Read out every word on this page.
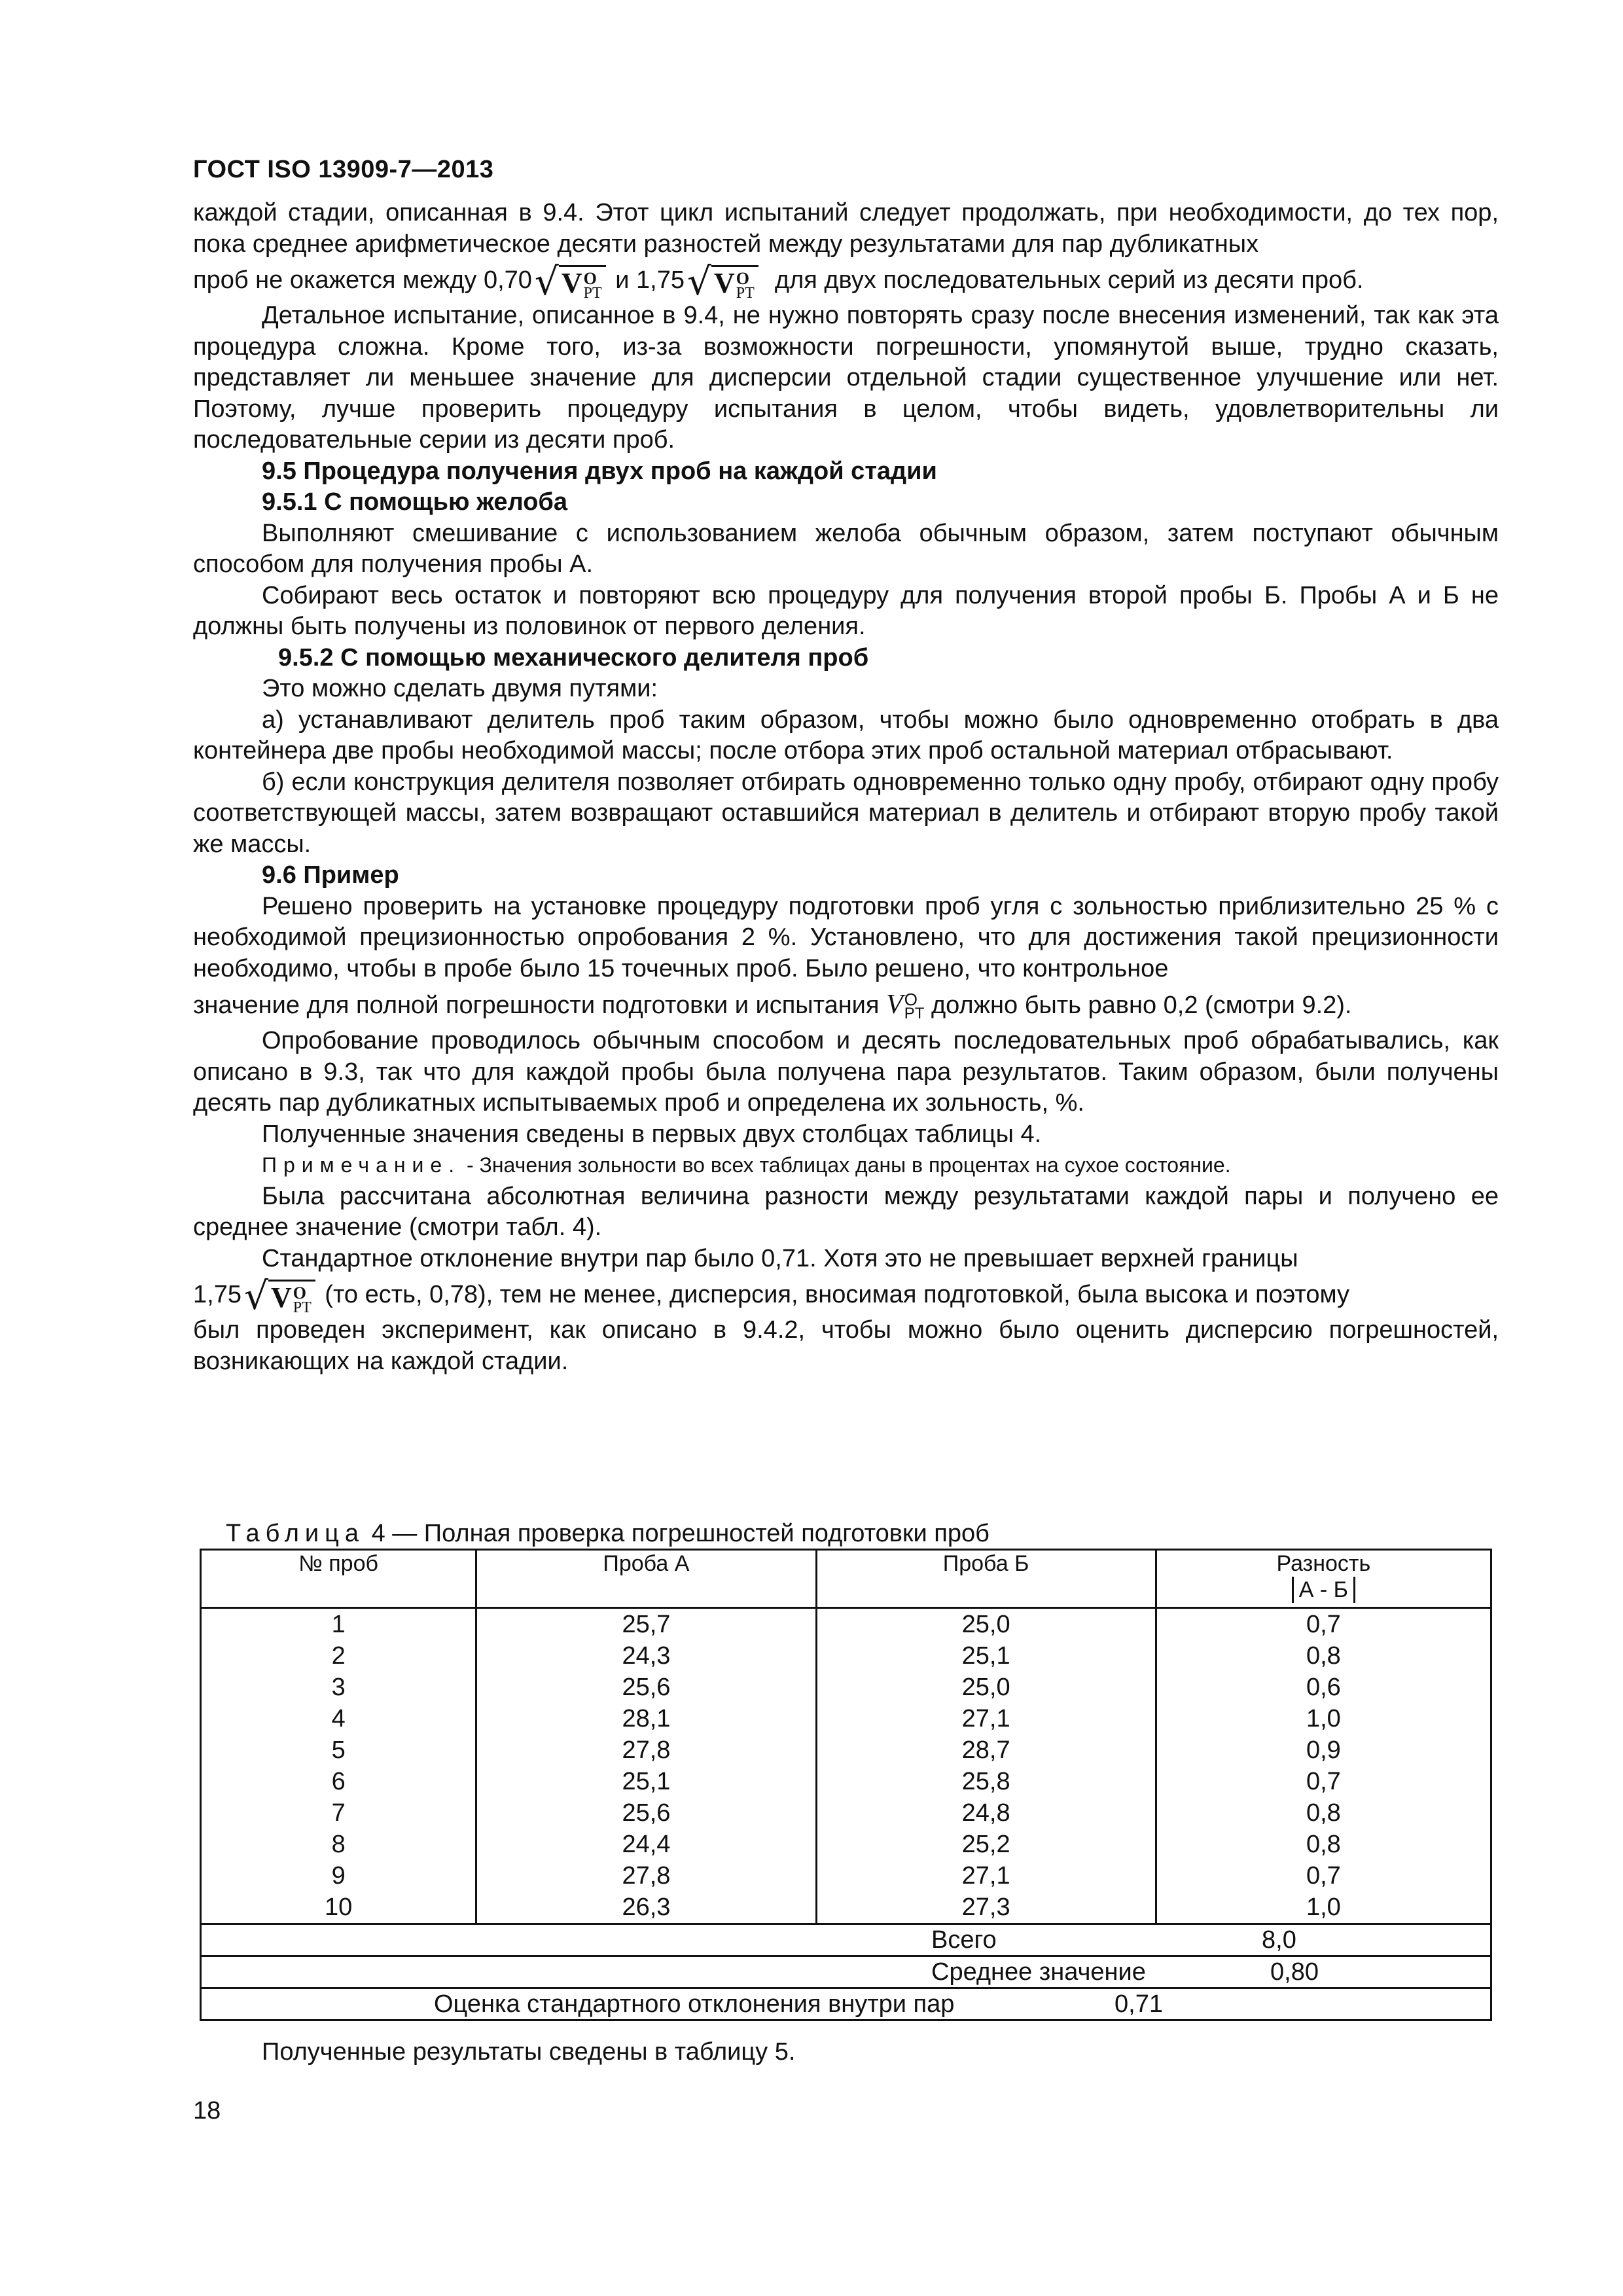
ГОСТ ISO 13909-7—2013

каждой стадии, описанная в 9.4. Этот цикл испытаний следует продолжать, при необходимости, до тех пор, пока среднее арифметическое десяти разностей между результатами для пар дубликатных

проб не окажется между 0,70 √ V O
PT и 1,75 √ V O
PT для двух последовательных серий из десяти проб.

Детальное испытание, описанное в 9.4, не нужно повторять сразу после внесения изменений, так как эта процедура сложна. Кроме того, из-за возможности погрешности, упомянутой выше, трудно сказать, представляет ли меньшее значение для дисперсии отдельной стадии существенное улучшение или нет. Поэтому, лучше проверить процедуру испытания в целом, чтобы видеть, удовлетворительны ли последовательные серии из десяти проб.

9.5 Процедура получения двух проб на каждой стадии

9.5.1 С помощью желоба

Выполняют смешивание с использованием желоба обычным образом, затем поступают обычным способом для получения пробы А.

Собирают весь остаток и повторяют всю процедуру для получения второй пробы Б. Пробы А и Б не должны быть получены из половинок от первого деления.

9.5.2 С помощью механического делителя проб

Это можно сделать двумя путями:

а) устанавливают делитель проб таким образом, чтобы можно было одновременно отобрать в два контейнера две пробы необходимой массы; после отбора этих проб остальной материал отбрасывают.

б) если конструкция делителя позволяет отбирать одновременно только одну пробу, отбирают одну пробу соответствующей массы, затем возвращают оставшийся материал в делитель и отбирают вторую пробу такой же массы.

9.6 Пример

Решено проверить на установке процедуру подготовки проб угля с зольностью приблизительно 25 % с необходимой прецизионностью опробования 2 %. Установлено, что для достижения такой прецизионности необходимо, чтобы в пробе было 15 точечных проб. Было решено, что контрольное

значение для полной погрешности подготовки и испытания V O
PT должно быть равно 0,2 (смотри 9.2).

Опробование проводилось обычным способом и десять последовательных проб обрабатывались, как описано в 9.3, так что для каждой пробы была получена пара результатов. Таким образом, были получены десять пар дубликатных испытываемых проб и определена их зольность, %.

Полученные значения сведены в первых двух столбцах таблицы 4.

Примечание. - Значения зольности во всех таблицах даны в процентах на сухое состояние.

Была рассчитана абсолютная величина разности между результатами каждой пары и получено ее среднее значение (смотри табл. 4).

Стандартное отклонение внутри пар было 0,71. Хотя это не превышает верхней границы

1,75 √ V O
PT (то есть, 0,78), тем не менее, дисперсия, вносимая подготовкой, была высока и поэтому

был проведен эксперимент, как описано в 9.4.2, чтобы можно было оценить дисперсию погрешностей, возникающих на каждой стадии.

Таблица 4 — Полная проверка погрешностей подготовки проб
№ проб	Проба А	Проба Б	Разность
А - Б
1	25,7	25,0	0,7
2	24,3	25,1	0,8
3	25,6	25,0	0,6
4	28,1	27,1	1,0
5	27,8	28,7	0,9
6	25,1	25,8	0,7
7	25,6	24,8	0,8
8	24,4	25,2	0,8
9	27,8	27,1	0,7
10	26,3	27,3	1,0

Всего 8,0			

Среднее значение 0,80			

Оценка стандартного отклонения внутри пар 0,71			
Полученные результаты сведены в таблицу 5.
18
